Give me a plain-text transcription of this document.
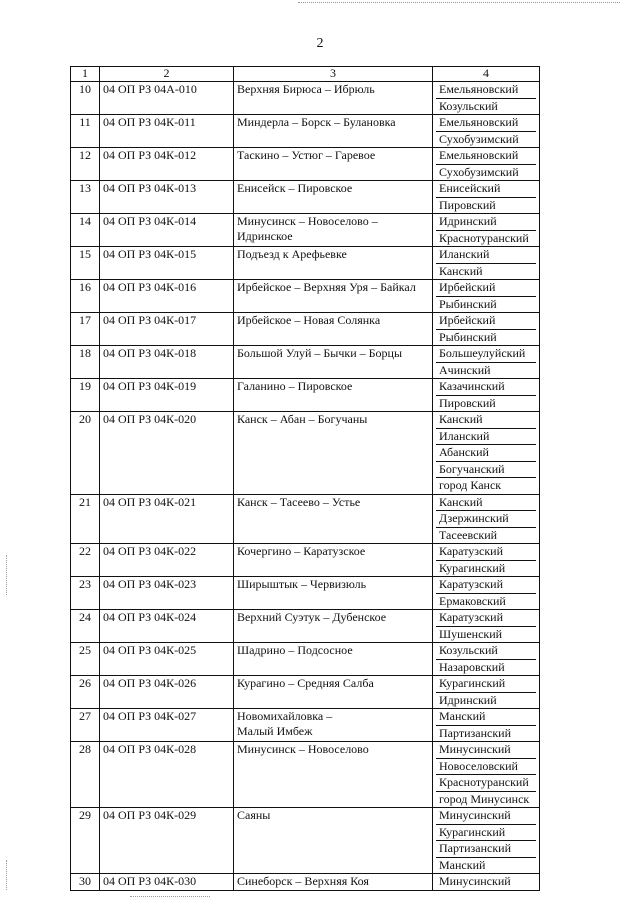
2
1	2	3	4
10	04 ОП РЗ 04А-010	Верхняя Бирюса – Ибрюль	Емельяновский
Козульский

11	04 ОП РЗ 04К-011	Миндерла – Борск – Булановка	Емельяновский
Сухобузимский

12	04 ОП РЗ 04К-012	Таскино – Устюг – Гаревое	Емельяновский
Сухобузимский

13	04 ОП РЗ 04К-013	Енисейск – Пировское	Енисейский
Пировский

14	04 ОП РЗ 04К-014	Минусинск – Новоселово –
Идринское	Идринский
Краснотуранский

15	04 ОП РЗ 04К-015	Подъезд к Арефьевке	Иланский
Канский

16	04 ОП РЗ 04К-016	Ирбейское – Верхняя Уря – Байкал	Ирбейский
Рыбинский

17	04 ОП РЗ 04К-017	Ирбейское – Новая Солянка	Ирбейский
Рыбинский

18	04 ОП РЗ 04К-018	Большой Улуй – Бычки – Борцы	Большеулуйский
Ачинский

19	04 ОП РЗ 04К-019	Галанино – Пировское	Казачинский
Пировский

20	04 ОП РЗ 04К-020	Канск – Абан – Богучаны	Канский
Иланский
Абанский
Богучанский
город Канск

21	04 ОП РЗ 04К-021	Канск – Тасеево – Устье	Канский
Дзержинский
Тасеевский

22	04 ОП РЗ 04К-022	Кочергино – Каратузское	Каратузский
Курагинский

23	04 ОП РЗ 04К-023	Ширыштык – Червизюль	Каратузский
Ермаковский

24	04 ОП РЗ 04К-024	Верхний Суэтук – Дубенское	Каратузский
Шушенский

25	04 ОП РЗ 04К-025	Шадрино – Подсосное	Козульский
Назаровский

26	04 ОП РЗ 04К-026	Курагино – Средняя Салба	Курагинский
Идринский

27	04 ОП РЗ 04К-027	Новомихайловка –
Малый Имбеж	Манский
Партизанский

28	04 ОП РЗ 04К-028	Минусинск – Новоселово	Минусинский
Новоселовский
Краснотуранский
город Минусинск

29	04 ОП РЗ 04К-029	Саяны	Минусинский
Курагинский
Партизанский
Манский

30	04 ОП РЗ 04К-030	Синеборск – Верхняя Коя	Минусинский
